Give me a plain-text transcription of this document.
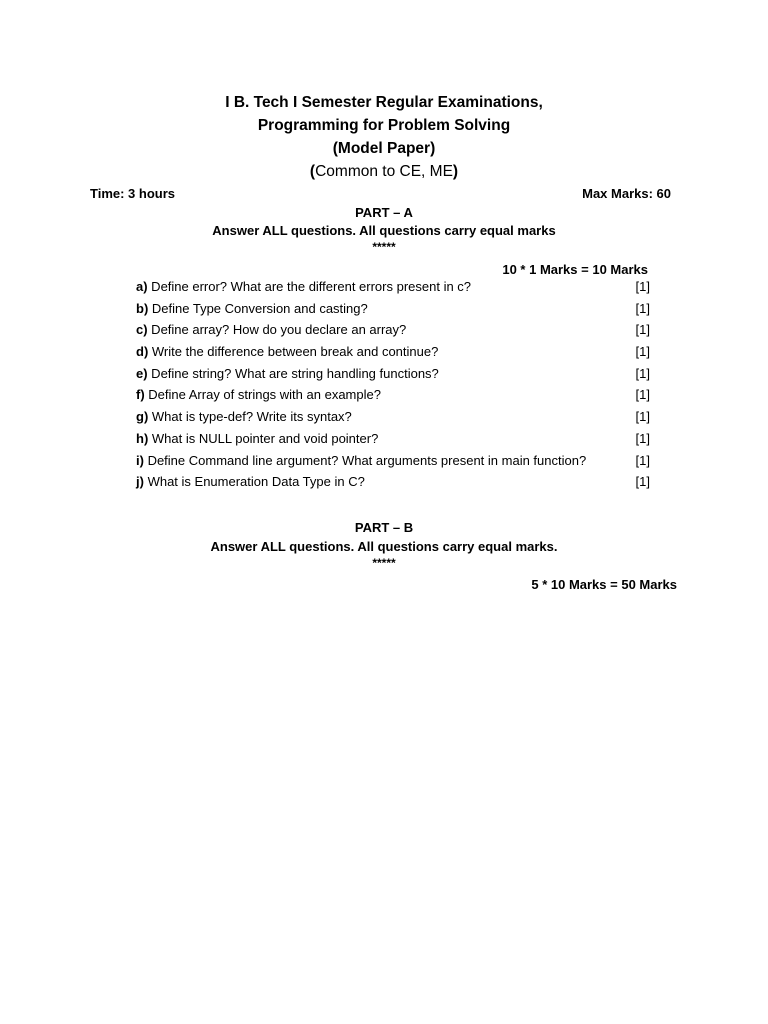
I B. Tech I Semester Regular Examinations,
Programming for Problem Solving
(Model Paper)
(Common to CE, ME)
Time: 3 hours	Max Marks: 60
PART – A
Answer ALL questions. All questions carry equal marks
*****
10 * 1 Marks = 10 Marks
a) Define error? What are the different errors present in c?	[1]
b) Define Type Conversion and casting?	[1]
c) Define array? How do you declare an array?	[1]
d) Write the difference between break and continue?	[1]
e) Define string? What are string handling functions?	[1]
f) Define Array of strings with an example?	[1]
g) What is type-def? Write its syntax?	[1]
h) What is NULL pointer and void pointer?	[1]
i) Define Command line argument? What arguments present in main function?	[1]
j) What is Enumeration Data Type in C?	[1]
PART – B
Answer ALL questions. All questions carry equal marks.
*****
5 * 10 Marks = 50 Marks
